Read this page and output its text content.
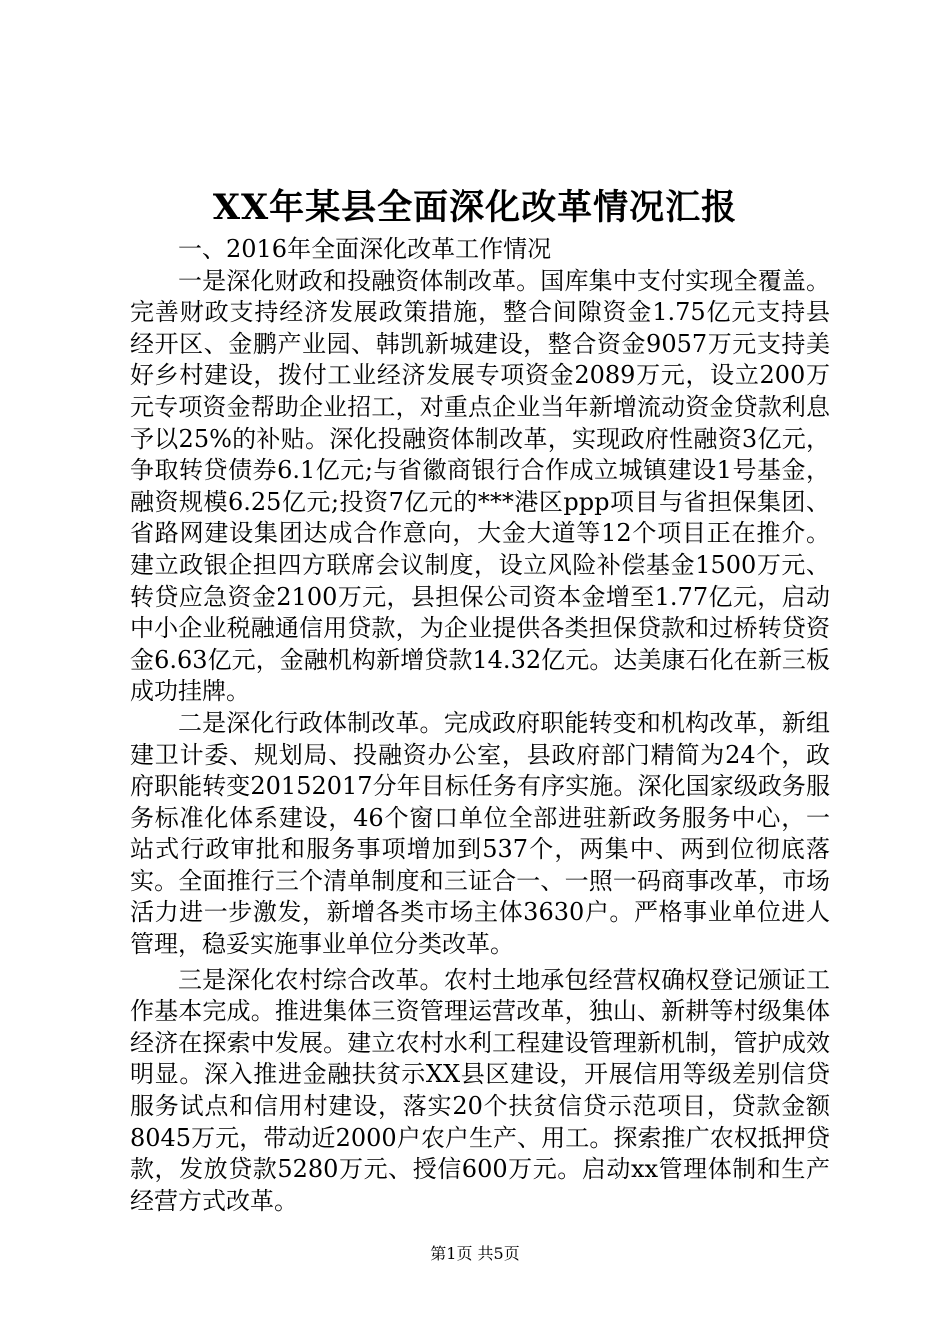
XX年某县全面深化改革情况汇报

一、2016年全面深化改革工作情况

一是深化财政和投融资体制改革。国库集中支付实现全覆盖。完善财政支持经济发展政策措施，整合间隙资金1.75亿元支持县经开区、金鹏产业园、韩凯新城建设，整合资金9057万元支持美好乡村建设，拨付工业经济发展专项资金2089万元，设立200万元专项资金帮助企业招工，对重点企业当年新增流动资金贷款利息予以25%的补贴。深化投融资体制改革，实现政府性融资3亿元，争取转贷债券6.1亿元;与省徽商银行合作成立城镇建设1号基金，融资规模6.25亿元;投资7亿元的***港区ppp项目与省担保集团、省路网建设集团达成合作意向，大金大道等12个项目正在推介。建立政银企担四方联席会议制度，设立风险补偿基金1500万元、转贷应急资金2100万元，县担保公司资本金增至1.77亿元，启动中小企业税融通信用贷款，为企业提供各类担保贷款和过桥转贷资金6.63亿元，金融机构新增贷款14.32亿元。达美康石化在新三板成功挂牌。

二是深化行政体制改革。完成政府职能转变和机构改革，新组建卫计委、规划局、投融资办公室，县政府部门精简为24个，政府职能转变20152017分年目标任务有序实施。深化国家级政务服务标准化体系建设，46个窗口单位全部进驻新政务服务中心，一站式行政审批和服务事项增加到537个，两集中、两到位彻底落实。全面推行三个清单制度和三证合一、一照一码商事改革，市场活力进一步激发，新增各类市场主体3630户。严格事业单位进人管理，稳妥实施事业单位分类改革。

三是深化农村综合改革。农村土地承包经营权确权登记颁证工作基本完成。推进集体三资管理运营改革，独山、新耕等村级集体经济在探索中发展。建立农村水利工程建设管理新机制，管护成效明显。深入推进金融扶贫示XX县区建设，开展信用等级差别信贷服务试点和信用村建设，落实20个扶贫信贷示范项目，贷款金额8045万元，带动近2000户农户生产、用工。探索推广农权抵押贷款，发放贷款5280万元、授信600万元。启动xx管理体制和生产经营方式改革。

第1页 共5页
